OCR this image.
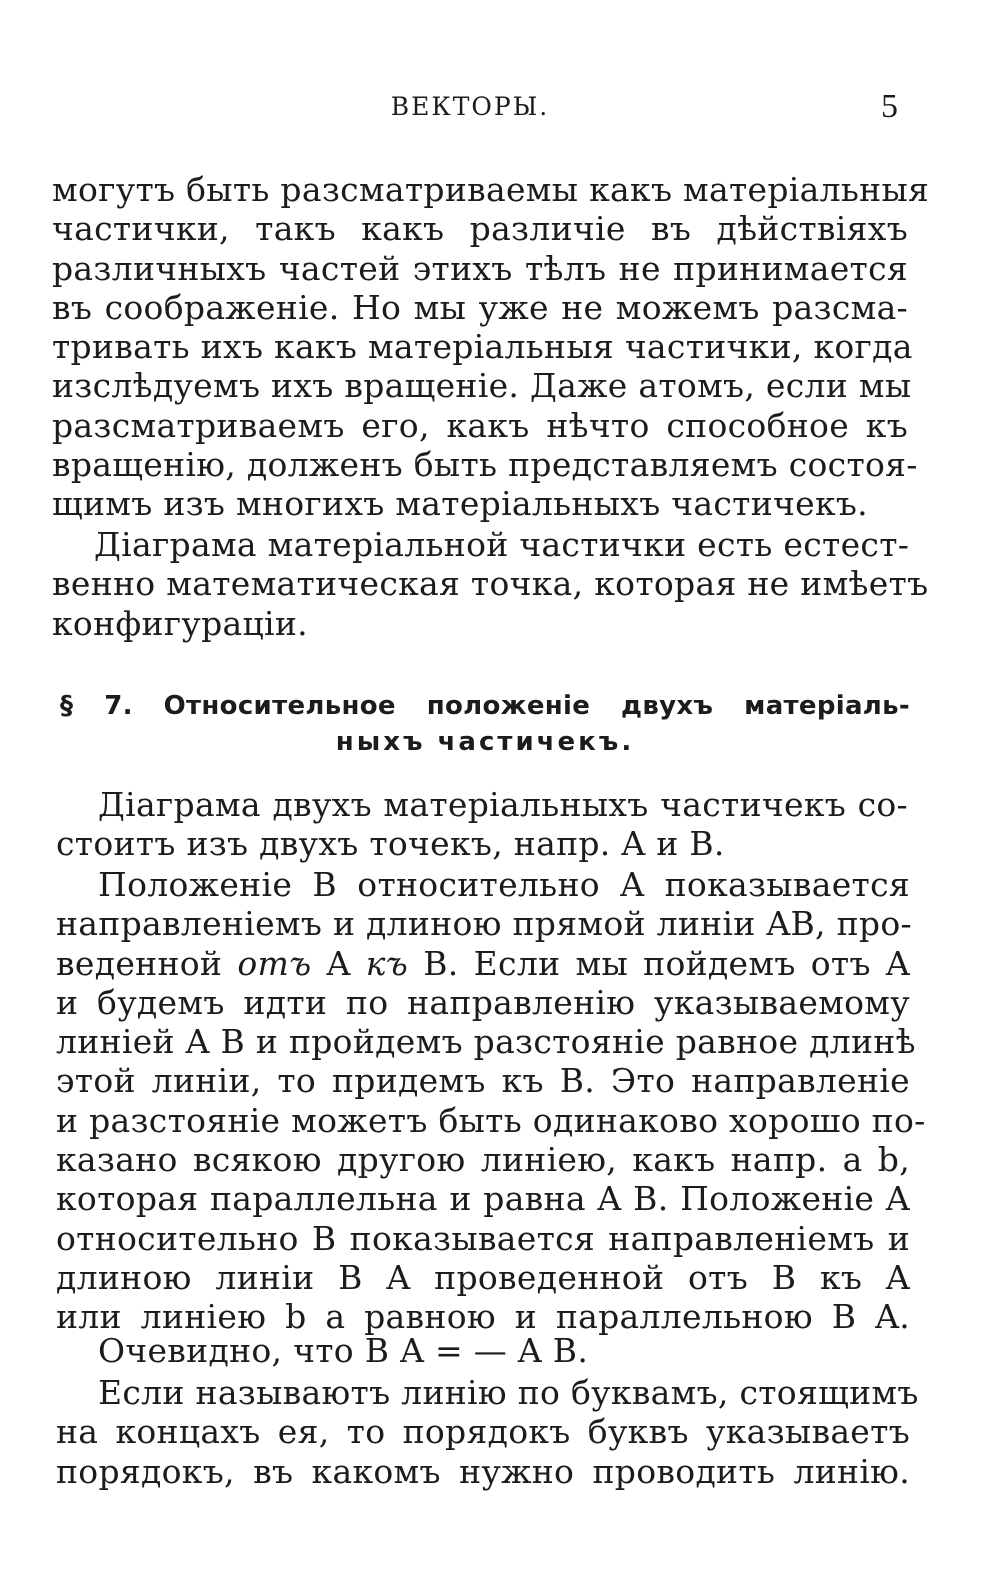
ВЕКТОРЫ.	5
могутъ быть разсматриваемы какъ матеріальныя
частички, такъ какъ различіе въ дѣйствіяхъ
различныхъ частей этихъ тѣлъ не принимается
въ соображеніе. Но мы уже не можемъ разсма-
тривать ихъ какъ матеріальныя частички, когда
изслѣдуемъ ихъ вращеніе. Даже атомъ, если мы
разсматриваемъ его, какъ нѣчто способное къ
вращенію, долженъ быть представляемъ состоя-
щимъ изъ многихъ матеріальныхъ частичекъ.
Діаграма матеріальной частички есть естест-
венно математическая точка, которая не имѣетъ
конфигураціи.
§ 7. Относительное положеніе двухъ матеріаль-
ныхъ частичекъ.
Діаграма двухъ матеріальныхъ частичекъ со-
стоитъ изъ двухъ точекъ, напр. A и B.
Положеніе B относительно A показывается
направленіемъ и длиною прямой линіи AB, про-
веденной отъ A къ B. Если мы пойдемъ отъ A
и будемъ идти по направленію указываемому
линіей A B и пройдемъ разстояніе равное длинѣ
этой линіи, то придемъ къ B. Это направленіе
и разстояніе можетъ быть одинаково хорошо по-
казано всякою другою линіею, какъ напр. a b,
которая параллельна и равна A B. Положеніе A
относительно B показывается направленіемъ и
длиною линіи B A проведенной отъ B къ A
или линіею b a равною и параллельною B A.
Очевидно, что B A = — A B.
Если называютъ линію по буквамъ, стоящимъ
на концахъ ея, то порядокъ буквъ указываетъ
порядокъ, въ какомъ нужно проводить линію.
